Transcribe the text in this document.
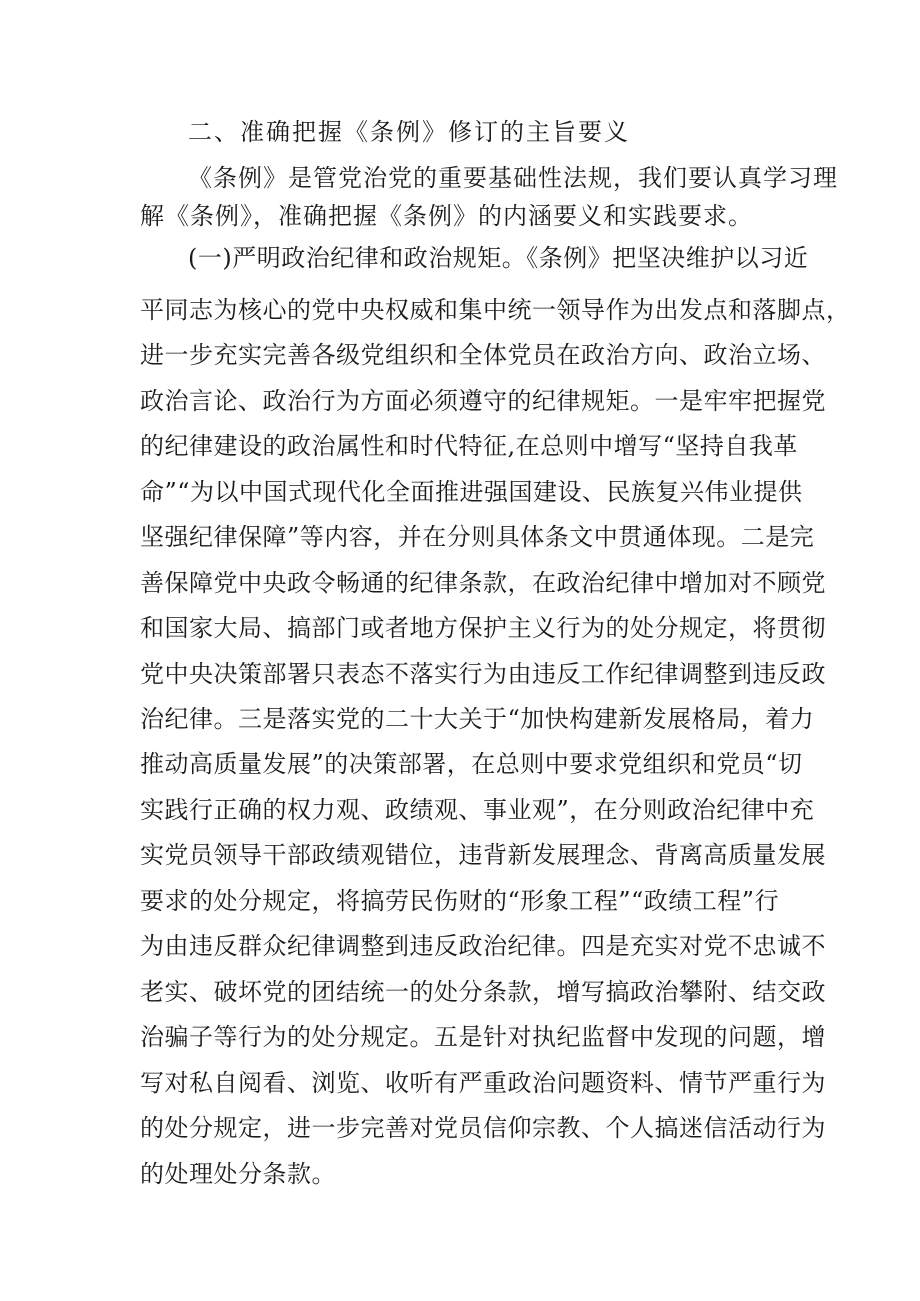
二、准确把握《条例》修订的主旨要义
《条例》是管党治党的重要基础性法规，我们要认真学习理
解《条例》，准确把握《条例》的内涵要义和实践要求。
(一)严明政治纪律和政治规矩。《条例》把坚决维护以习近
平同志为核心的党中央权威和集中统一领导作为出发点和落脚点，
进一步充实完善各级党组织和全体党员在政治方向、政治立场、
政治言论、政治行为方面必须遵守的纪律规矩。一是牢牢把握党
的纪律建设的政治属性和时代特征,在总则中增写“坚持自我革
命”“为以中国式现代化全面推进强国建设、民族复兴伟业提供
坚强纪律保障”等内容，并在分则具体条文中贯通体现。二是完
善保障党中央政令畅通的纪律条款，在政治纪律中增加对不顾党
和国家大局、搞部门或者地方保护主义行为的处分规定，将贯彻
党中央决策部署只表态不落实行为由违反工作纪律调整到违反政
治纪律。三是落实党的二十大关于“加快构建新发展格局，着力
推动高质量发展”的决策部署，在总则中要求党组织和党员“切
实践行正确的权力观、政绩观、事业观”，在分则政治纪律中充
实党员领导干部政绩观错位，违背新发展理念、背离高质量发展
要求的处分规定，将搞劳民伤财的“形象工程”“政绩工程”行
为由违反群众纪律调整到违反政治纪律。四是充实对党不忠诚不
老实、破坏党的团结统一的处分条款，增写搞政治攀附、结交政
治骗子等行为的处分规定。五是针对执纪监督中发现的问题，增
写对私自阅看、浏览、收听有严重政治问题资料、情节严重行为
的处分规定，进一步完善对党员信仰宗教、个人搞迷信活动行为
的处理处分条款。
